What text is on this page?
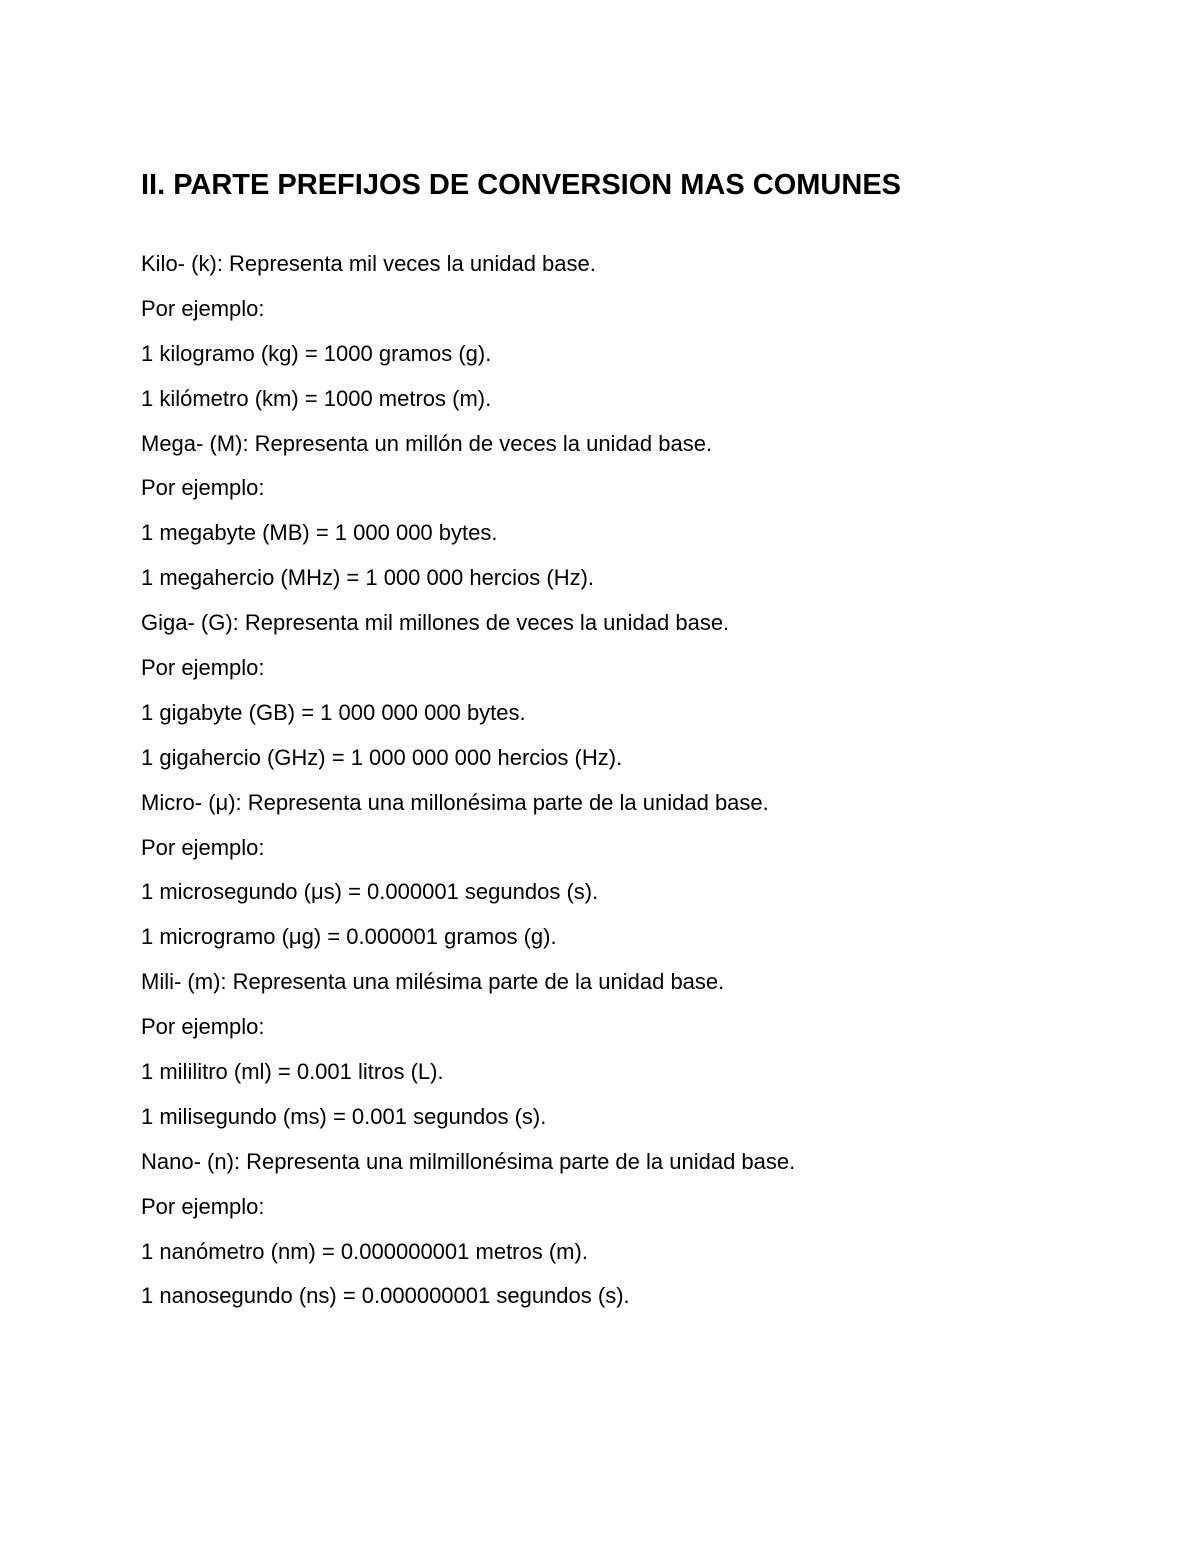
II. PARTE PREFIJOS DE CONVERSION MAS COMUNES
Kilo- (k): Representa mil veces la unidad base.
Por ejemplo:
1 kilogramo (kg) = 1000 gramos (g).
1 kilómetro (km) = 1000 metros (m).
Mega- (M): Representa un millón de veces la unidad base.
Por ejemplo:
1 megabyte (MB) = 1 000 000 bytes.
1 megahercio (MHz) = 1 000 000 hercios (Hz).
Giga- (G): Representa mil millones de veces la unidad base.
Por ejemplo:
1 gigabyte (GB) = 1 000 000 000 bytes.
1 gigahercio (GHz) = 1 000 000 000 hercios (Hz).
Micro- (μ): Representa una millonésima parte de la unidad base.
Por ejemplo:
1 microsegundo (μs) = 0.000001 segundos (s).
1 microgramo (μg) = 0.000001 gramos (g).
Mili- (m): Representa una milésima parte de la unidad base.
Por ejemplo:
1 mililitro (ml) = 0.001 litros (L).
1 milisegundo (ms) = 0.001 segundos (s).
Nano- (n): Representa una milmillonésima parte de la unidad base.
Por ejemplo:
1 nanómetro (nm) = 0.000000001 metros (m).
1 nanosegundo (ns) = 0.000000001 segundos (s).
